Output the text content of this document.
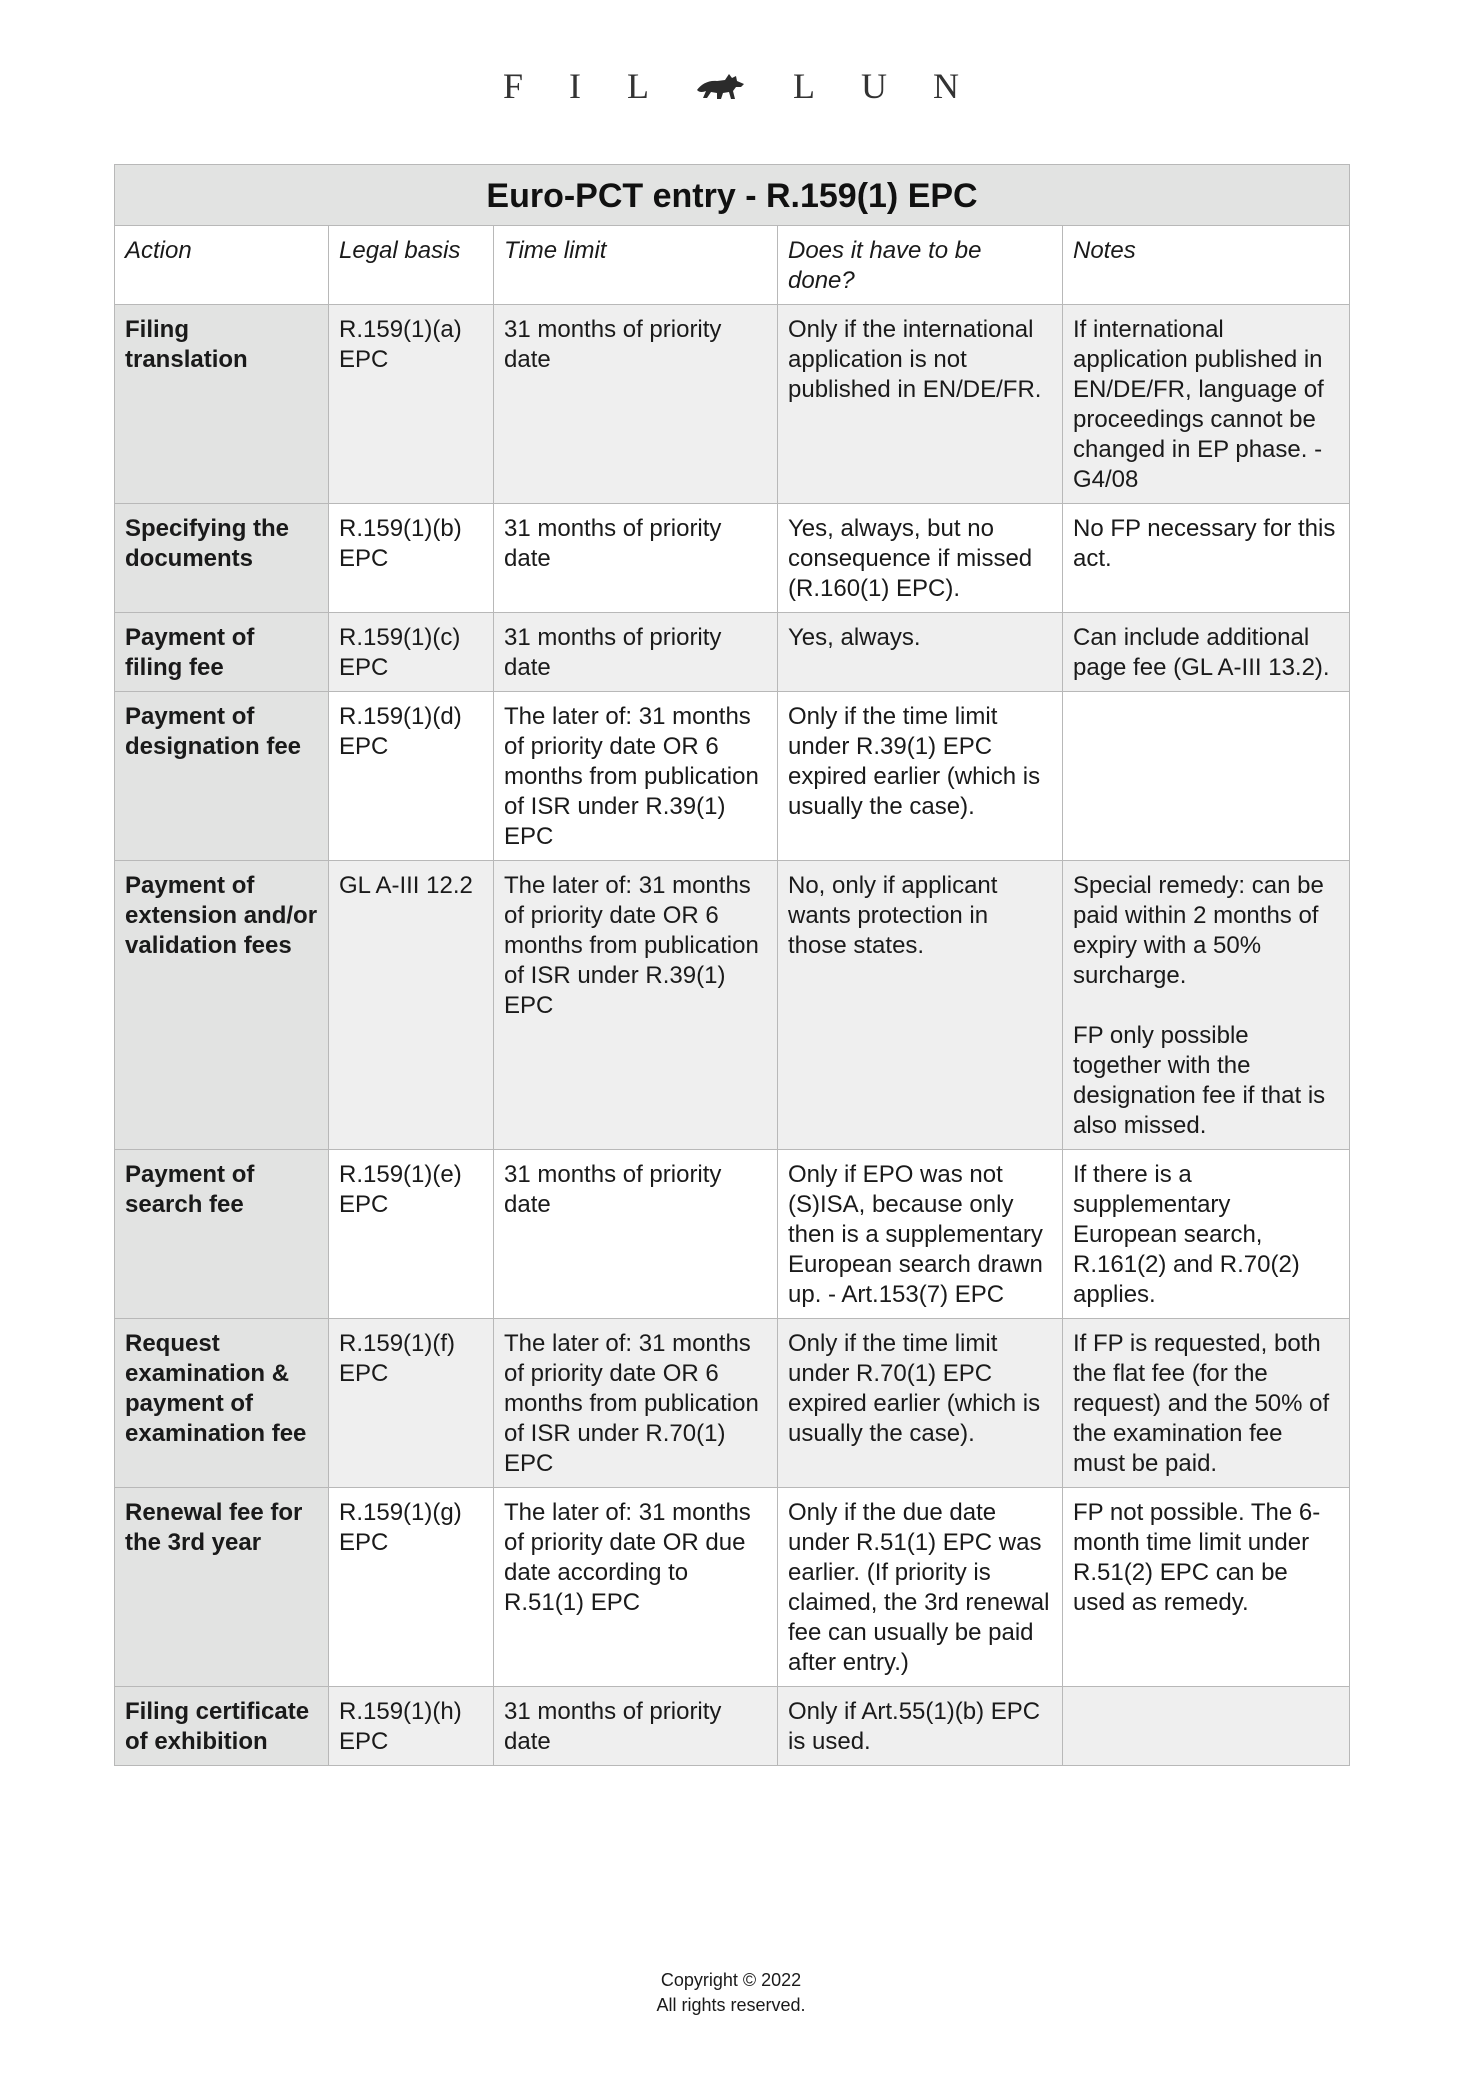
F I L	L U N
Euro-PCT entry - R.159(1) EPC				
Action	Legal basis	Time limit	Does it have to be done?	Notes
Filing translation	R.159(1)(a) EPC	31 months of priority date	Only if the international application is not published in EN/DE/FR.	If international application published in EN/DE/FR, language of proceedings cannot be changed in EP phase. - G4/08

Specifying the documents	R.159(1)(b) EPC	31 months of priority date	Yes, always, but no consequence if missed (R.160(1) EPC).	No FP necessary for this act.

Payment of filing fee	R.159(1)(c) EPC	31 months of priority date	Yes, always.	Can include additional page fee (GL A-III 13.2).

Payment of designation fee	R.159(1)(d) EPC	The later of: 31 months of priority date OR 6 months from publication of ISR under R.39(1) EPC	Only if the time limit under R.39(1) EPC expired earlier (which is usually the case).	

Payment of extension and/or validation fees	GL A-III 12.2	The later of: 31 months of priority date OR 6 months from publication of ISR under R.39(1) EPC	No, only if applicant wants protection in those states.	Special remedy: can be paid within 2 months of expiry with a 50% surcharge.
FP only possible together with the designation fee if that is also missed.

Payment of search fee	R.159(1)(e) EPC	31 months of priority date	Only if EPO was not (S)ISA, because only then is a supplementary European search drawn up. - Art.153(7) EPC	If there is a supplementary European search, R.161(2) and R.70(2) applies.

Request examination & payment of examination fee	R.159(1)(f) EPC	The later of: 31 months of priority date OR 6 months from publication of ISR under R.70(1) EPC	Only if the time limit under R.70(1) EPC expired earlier (which is usually the case).	If FP is requested, both the flat fee (for the request) and the 50% of the examination fee must be paid.

Renewal fee for the 3rd year	R.159(1)(g) EPC	The later of: 31 months of priority date OR due date according to R.51(1) EPC	Only if the due date under R.51(1) EPC was earlier. (If priority is claimed, the 3rd renewal fee can usually be paid after entry.)	FP not possible. The 6-month time limit under R.51(2) EPC can be used as remedy.

Filing certificate of exhibition	R.159(1)(h) EPC	31 months of priority date	Only if Art.55(1)(b) EPC is used.	
Copyright © 2022
All rights reserved.
